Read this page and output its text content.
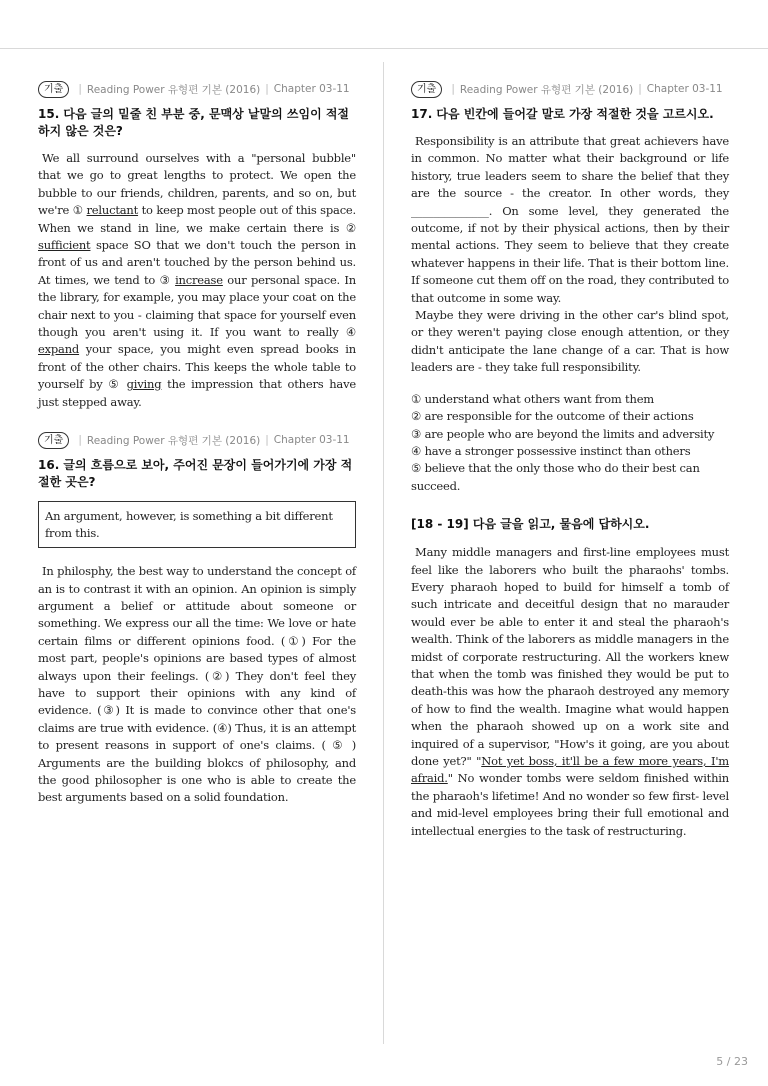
기출	| Reading Power 유형편 기본 (2016) | Chapter 03-11

15. 다음 글의 밑줄 친 부분 중, 문맥상 낱말의 쓰임이 적절하지 않은 것은?

We all surround ourselves with a "personal bubble" that we go to great lengths to protect. We open the bubble to our friends, children, parents, and so on, but we're ① reluctant to keep most people out of this space. When we stand in line, we make certain there is ② sufficient space SO that we don't touch the person in front of us and aren't touched by the person behind us. At times, we tend to ③ increase our personal space. In the library, for example, you may place your coat on the chair next to you - claiming that space for yourself even though you aren't using it. If you want to really ④ expand your space, you might even spread books in front of the other chairs. This keeps the whole table to yourself by ⑤ giving the impression that others have just stepped away.

기출	| Reading Power 유형편 기본 (2016) | Chapter 03-11

16. 글의 흐름으로 보아, 주어진 문장이 들어가기에 가장 적절한 곳은?

An argument, however, is something a bit different from this.

In philosphy, the best way to understand the concept of an is to contrast it with an opinion. An opinion is simply argument a belief or attitude about someone or something. We express our all the time: We love or hate certain films or different opinions food. (①) For the most part, people's opinions are based types of almost always upon their feelings. (②) They don't feel they have to support their opinions with any kind of evidence. (③) It is made to convince other that one's claims are true with evidence. (④) Thus, it is an attempt to present reasons in support of one's claims. ( ⑤ ) Arguments are the building blokcs of philosophy, and the good philosopher is one who is able to create the best arguments based on a solid foundation.

기출	| Reading Power 유형편 기본 (2016) | Chapter 03-11

17. 다음 빈칸에 들어갈 말로 가장 적절한 것을 고르시오.

Responsibility is an attribute that great achievers have in common. No matter what their background or life history, true leaders seem to share the belief that they are the source - the creator. In other words, they ______________. On some level, they generated the outcome, if not by their physical actions, then by their mental actions. They seem to believe that they create whatever happens in their life. That is their bottom line. If someone cut them off on the road, they contributed to that outcome in some way.

Maybe they were driving in the other car's blind spot, or they weren't paying close enough attention, or they didn't anticipate the lane change of a car. That is how leaders are - they take full responsibility.

① understand what others want from them
② are responsible for the outcome of their actions
③ are people who are beyond the limits and adversity
④ have a stronger possessive instinct than others
⑤ believe that the only those who do their best can succeed.

[18 - 19] 다음 글을 읽고, 물음에 답하시오.

Many middle managers and first-line employees must feel like the laborers who built the pharaohs' tombs. Every pharaoh hoped to build for himself a tomb of such intricate and deceitful design that no marauder would ever be able to enter it and steal the pharaoh's wealth. Think of the laborers as middle managers in the midst of corporate restructuring. All the workers knew that when the tomb was finished they would be put to death-this was how the pharaoh destroyed any memory of how to find the wealth. Imagine what would happen when the pharaoh showed up on a work site and inquired of a supervisor, "How's it going, are you about done yet?" "Not yet boss, it'll be a few more years, I'm afraid." No wonder tombs were seldom finished within the pharaoh's lifetime! And no wonder so few first- level and mid-level employees bring their full emotional and intellectual energies to the task of restructuring.

5 / 23
